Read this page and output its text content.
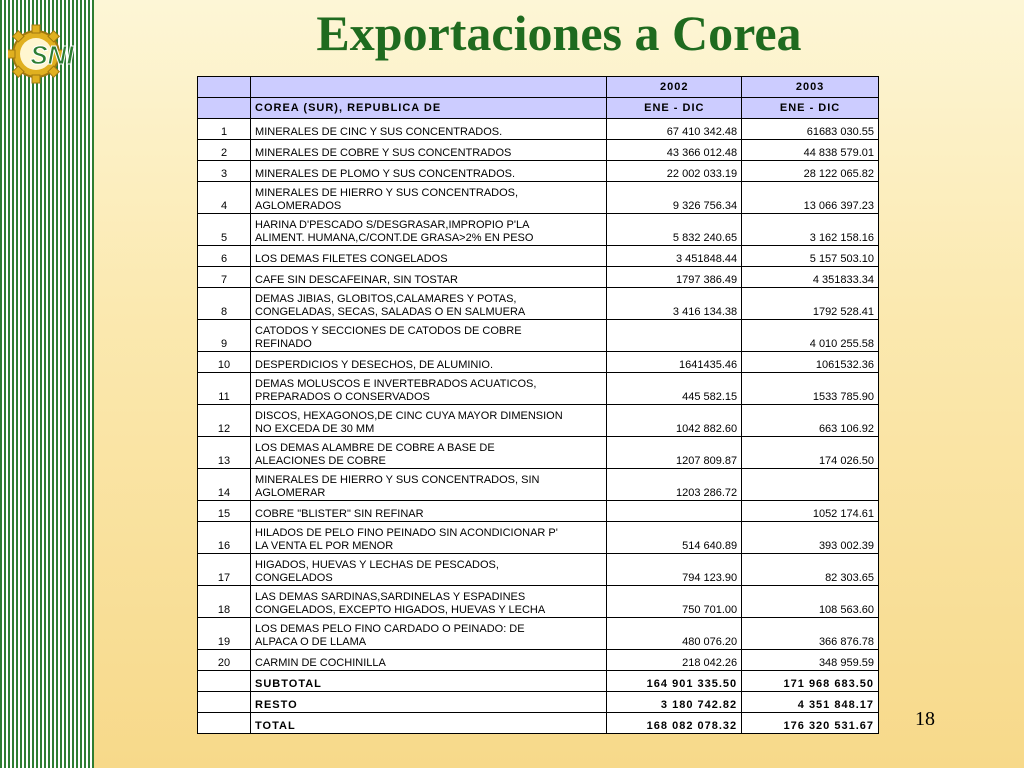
SNI	Exportaciones a Corea
		2002	2003
	COREA (SUR), REPUBLICA DE	ENE - DIC	ENE - DIC
1	MINERALES DE CINC Y SUS CONCENTRADOS.	67 410 342.48	61683 030.55
2	MINERALES DE COBRE Y SUS CONCENTRADOS	43 366 012.48	44 838 579.01
3	MINERALES DE PLOMO Y SUS CONCENTRADOS.	22 002 033.19	28 122 065.82
4	MINERALES DE HIERRO Y SUS CONCENTRADOS,
AGLOMERADOS	9 326 756.34	13 066 397.23
5	HARINA D'PESCADO S/DESGRASAR,IMPROPIO P'LA
ALIMENT. HUMANA,C/CONT.DE GRASA>2% EN PESO	5 832 240.65	3 162 158.16
6	LOS DEMAS FILETES CONGELADOS	3 451848.44	5 157 503.10
7	CAFE SIN DESCAFEINAR, SIN TOSTAR	1797 386.49	4 351833.34
8	DEMAS JIBIAS, GLOBITOS,CALAMARES Y POTAS,
CONGELADAS, SECAS, SALADAS O EN SALMUERA	3 416 134.38	1792 528.41
9	CATODOS Y SECCIONES DE CATODOS DE COBRE
REFINADO		4 010 255.58
10	DESPERDICIOS Y DESECHOS, DE ALUMINIO.	1641435.46	1061532.36
11	DEMAS MOLUSCOS E INVERTEBRADOS ACUATICOS,
PREPARADOS O CONSERVADOS	445 582.15	1533 785.90
12	DISCOS, HEXAGONOS,DE CINC CUYA MAYOR DIMENSION
NO EXCEDA DE 30 MM	1042 882.60	663 106.92
13	LOS DEMAS ALAMBRE DE COBRE A BASE DE
ALEACIONES DE COBRE	1207 809.87	174 026.50
14	MINERALES DE HIERRO Y SUS CONCENTRADOS, SIN
AGLOMERAR	1203 286.72	
15	COBRE "BLISTER" SIN REFINAR		1052 174.61
16	HILADOS DE PELO FINO PEINADO SIN ACONDICIONAR P'
LA VENTA EL POR MENOR	514 640.89	393 002.39
17	HIGADOS, HUEVAS Y LECHAS DE PESCADOS,
CONGELADOS	794 123.90	82 303.65
18	LAS DEMAS SARDINAS,SARDINELAS Y ESPADINES
CONGELADOS, EXCEPTO HIGADOS, HUEVAS Y LECHA	750 701.00	108 563.60
19	LOS DEMAS PELO FINO CARDADO O PEINADO: DE
ALPACA O DE LLAMA	480 076.20	366 876.78
20	CARMIN DE COCHINILLA	218 042.26	348 959.59
	SUBTOTAL	164 901 335.50	171 968 683.50
	RESTO	3 180 742.82	4 351 848.17
	TOTAL	168 082 078.32	176 320 531.67 18
